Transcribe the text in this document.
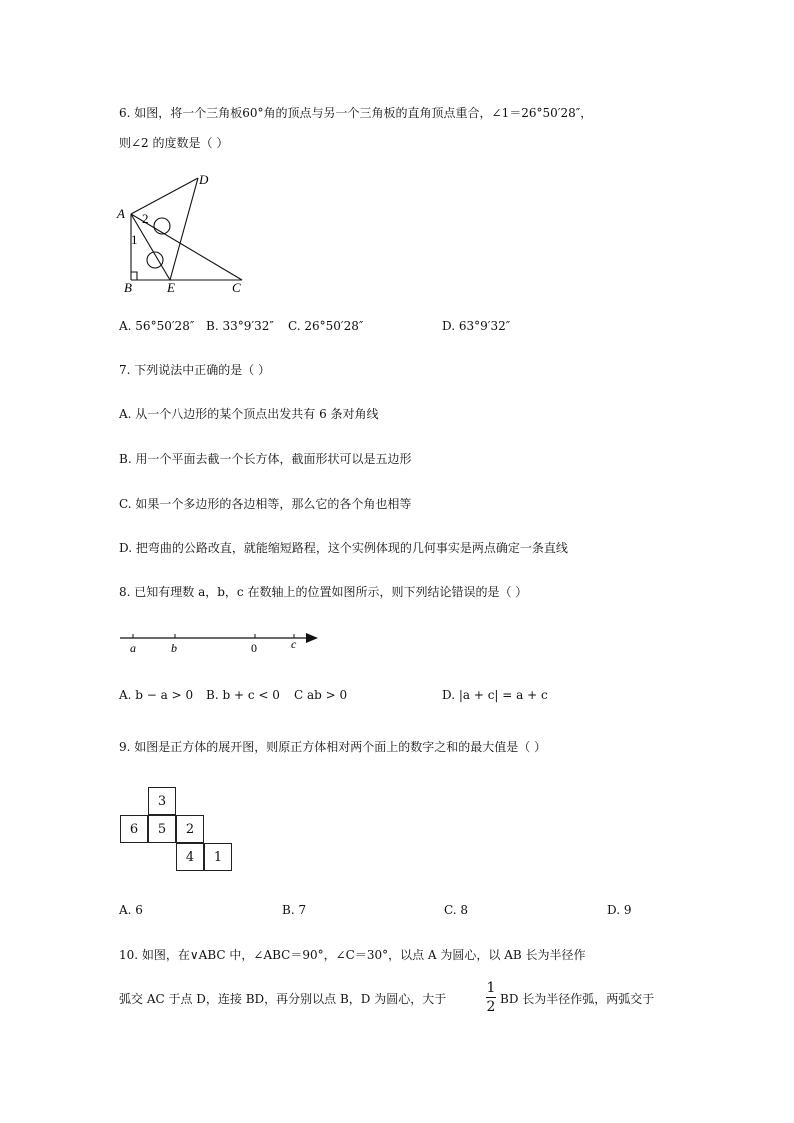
6. 如图，将一个三角板60°角的顶点与另一个三角板的直角顶点重合，∠1＝26°50′28″，
则∠2 的度数是（ ）
A
D
B	E	C
1
2
A. 56°50′28″ B. 33°9′32″ C. 26°50′28″	D. 63°9′32″
7. 下列说法中正确的是（ ）
A. 从一个八边形的某个顶点出发共有 6 条对角线
B. 用一个平面去截一个长方体，截面形状可以是五边形
C. 如果一个多边形的各边相等，那么它的各个角也相等
D. 把弯曲的公路改直，就能缩短路程，这个实例体现的几何事实是两点确定一条直线
8. 已知有理数 a，b，c 在数轴上的位置如图所示，则下列结论错误的是（ ）
a	b	0	c
A. b − a > 0 B. b + c < 0 C ab > 0	D. |a + c| = a + c
9. 如图是正方体的展开图，则原正方体相对两个面上的数字之和的最大值是（ ）
3
6	5	2
4	1
A. 6	B. 7	C. 8	D. 9
10. 如图，在∨ABC 中，∠ABC＝90°，∠C＝30°，以点 A 为圆心，以 AB 长为半径作
弧交 AC 于点 D，连接 BD，再分别以点 B，D 为圆心，大于
1
2 BD 长为半径作弧，两弧交于
